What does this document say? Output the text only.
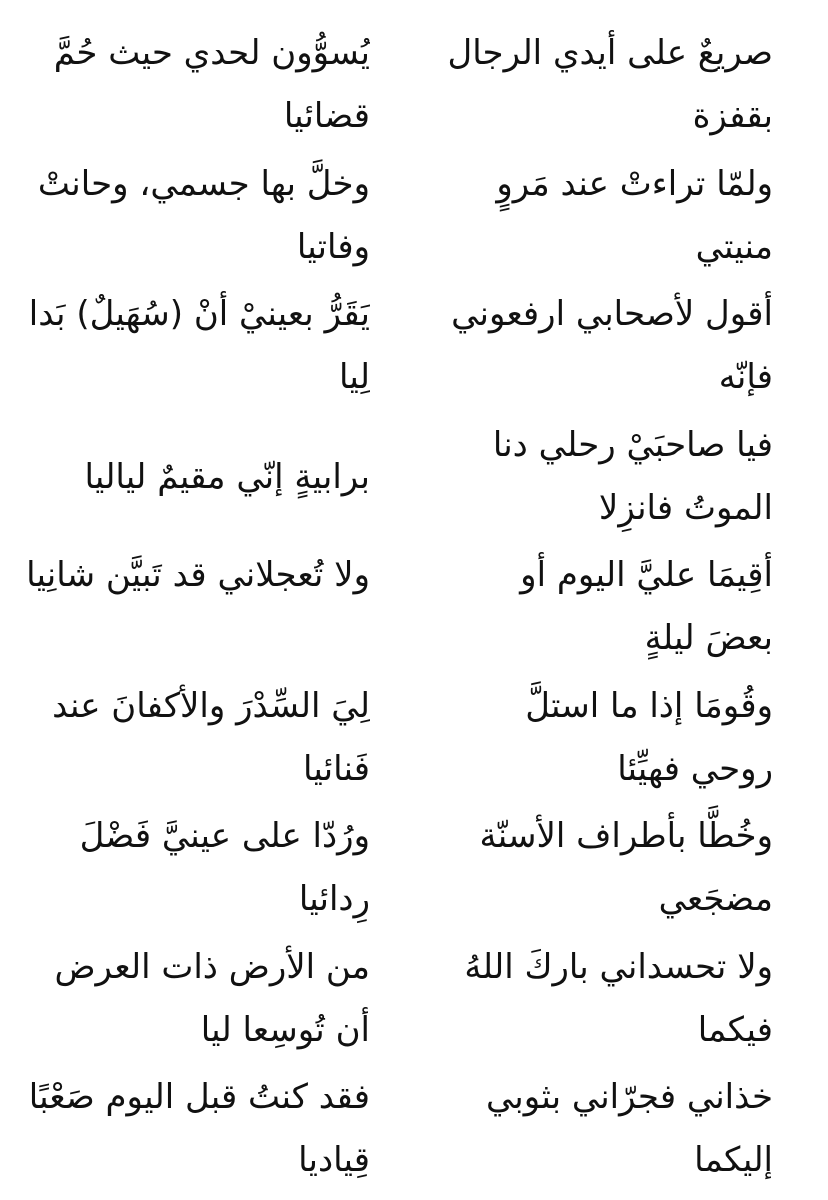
صريعٌ على أيدي الرجال بقفزة
يُسوُّون لحدي حيث حُمَّ قضائيا
ولمّا تراءتْ عند مَروٍ منيتي
وخلَّ بها جسمي، وحانتْ وفاتيا
أقول لأصحابي ارفعوني فإنّه
يَقَرُّ بعينيْ أنْ (سُهَيلٌ) بَدا لِيا
فيا صاحبَيْ رحلي دنا الموتُ فانزِلا
برابيةٍ إنّي مقيمٌ لياليا
أقِيمَا عليَّ اليوم أو بعضَ ليلةٍ
ولا تُعجلاني قد تَبيَّن شانِيا
وقُومَا إذا ما استلَّ روحي فهيِّئا
لِيَ السِّدْرَ والأكفانَ عند فَنائيا
وخُطَّا بأطراف الأسنّة مضجَعي
ورُدّا على عينيَّ فَضْلَ رِدائيا
ولا تحسداني باركَ اللهُ فيكما
من الأرض ذات العرض أن تُوسِعا ليا
خذاني فجرّاني بثوبي إليكما
فقد كنتُ قبل اليوم صَعْبًا قِياديا
